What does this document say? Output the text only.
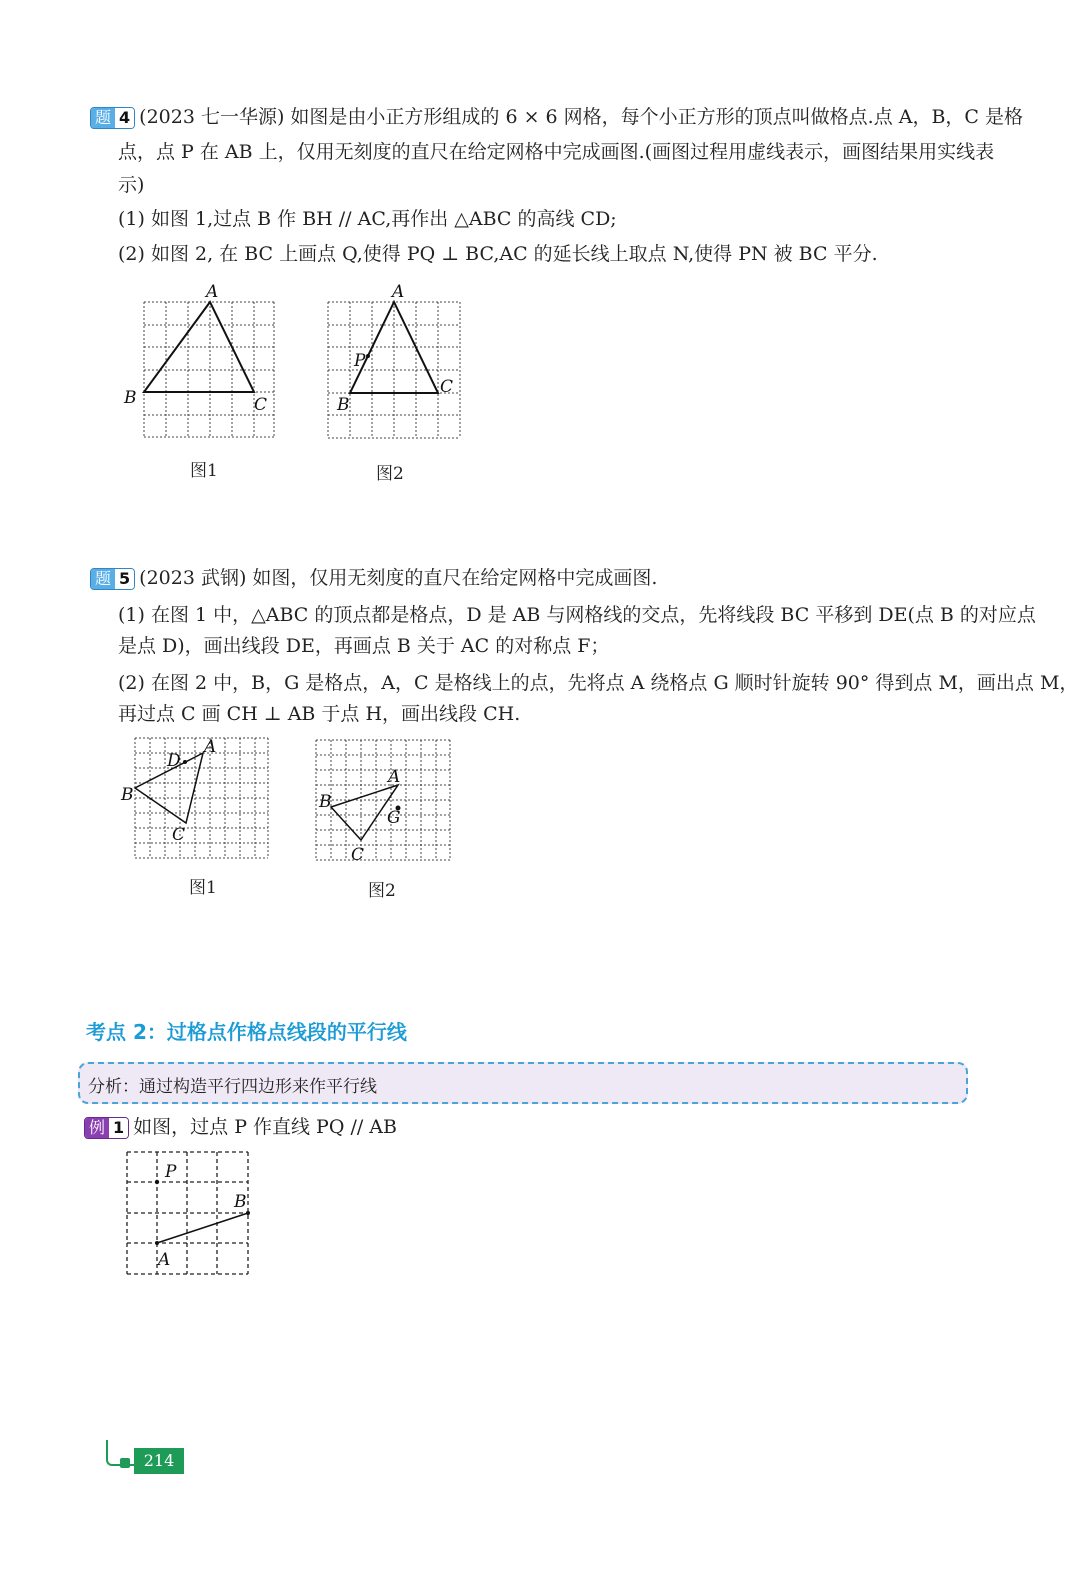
题 4 (2023 七一华源) 如图是由小正方形组成的 6 × 6 网格，每个小正方形的顶点叫做格点.点 A，B，C 是格
点，点 P 在 AB 上，仅用无刻度的直尺在给定网格中完成画图.(画图过程用虚线表示，画图结果用实线表
示)
(1) 如图 1,过点 B 作 BH // AC,再作出 △ABC 的高线 CD;
(2) 如图 2, 在 BC 上画点 Q,使得 PQ ⊥ BC,AC 的延长线上取点 N,使得 PN 被 BC 平分.
A
B	C
图1
A
P
B
C
图2
题 5 (2023 武钢) 如图，仅用无刻度的直尺在给定网格中完成画图.
(1) 在图 1 中，△ABC 的顶点都是格点，D 是 AB 与网格线的交点，先将线段 BC 平移到 DE(点 B 的对应点
是点 D)，画出线段 DE，再画点 B 关于 AC 的对称点 F；
(2) 在图 2 中，B，G 是格点，A，C 是格线上的点，先将点 A 绕格点 G 顺时针旋转 90° 得到点 M，画出点 M，
再过点 C 画 CH ⊥ AB 于点 H，画出线段 CH.
A
D
B
C
图1
A
B
G
C
图2
考点 2：过格点作格点线段的平行线
分析：通过构造平行四边形来作平行线
例 1 如图，过点 P 作直线 PQ // AB
P
B
A
214
